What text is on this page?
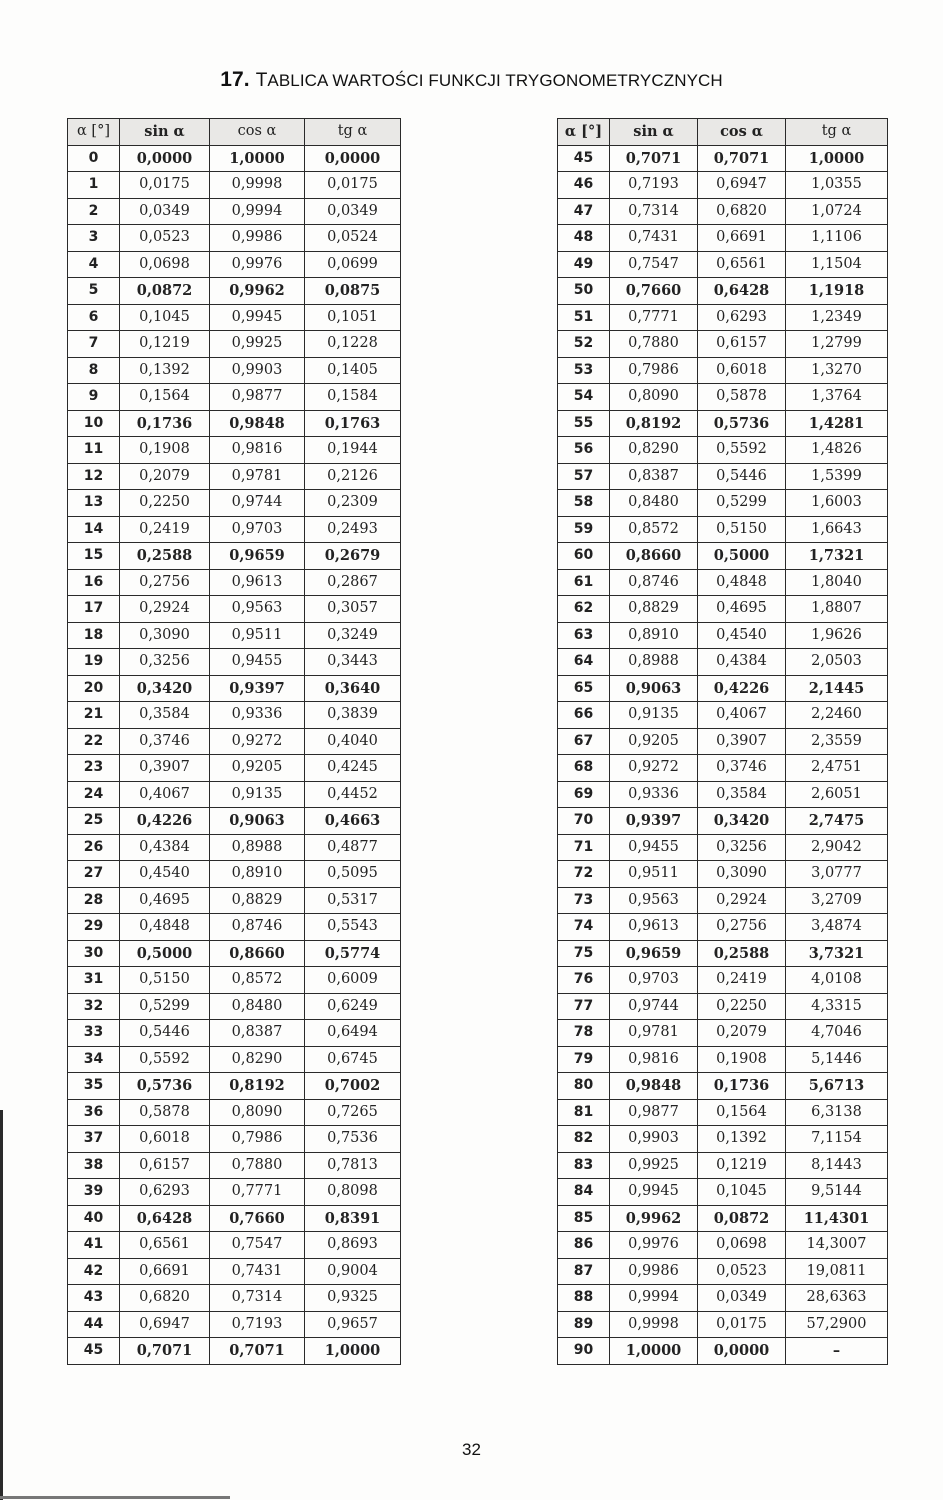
17. TABLICA WARTOŚCI FUNKCJI TRYGONOMETRYCZNYCH
α [°]	sin α	cos α	tg α
0	0,0000	1,0000	0,0000
1	0,0175	0,9998	0,0175
2	0,0349	0,9994	0,0349
3	0,0523	0,9986	0,0524
4	0,0698	0,9976	0,0699
5	0,0872	0,9962	0,0875
6	0,1045	0,9945	0,1051
7	0,1219	0,9925	0,1228
8	0,1392	0,9903	0,1405
9	0,1564	0,9877	0,1584
10	0,1736	0,9848	0,1763
11	0,1908	0,9816	0,1944
12	0,2079	0,9781	0,2126
13	0,2250	0,9744	0,2309
14	0,2419	0,9703	0,2493
15	0,2588	0,9659	0,2679
16	0,2756	0,9613	0,2867
17	0,2924	0,9563	0,3057
18	0,3090	0,9511	0,3249
19	0,3256	0,9455	0,3443
20	0,3420	0,9397	0,3640
21	0,3584	0,9336	0,3839
22	0,3746	0,9272	0,4040
23	0,3907	0,9205	0,4245
24	0,4067	0,9135	0,4452
25	0,4226	0,9063	0,4663
26	0,4384	0,8988	0,4877
27	0,4540	0,8910	0,5095
28	0,4695	0,8829	0,5317
29	0,4848	0,8746	0,5543
30	0,5000	0,8660	0,5774
31	0,5150	0,8572	0,6009
32	0,5299	0,8480	0,6249
33	0,5446	0,8387	0,6494
34	0,5592	0,8290	0,6745
35	0,5736	0,8192	0,7002
36	0,5878	0,8090	0,7265
37	0,6018	0,7986	0,7536
38	0,6157	0,7880	0,7813
39	0,6293	0,7771	0,8098
40	0,6428	0,7660	0,8391
41	0,6561	0,7547	0,8693
42	0,6691	0,7431	0,9004
43	0,6820	0,7314	0,9325
44	0,6947	0,7193	0,9657
45	0,7071	0,7071	1,0000
α [°]	sin α	cos α	tg α
45	0,7071	0,7071	1,0000
46	0,7193	0,6947	1,0355
47	0,7314	0,6820	1,0724
48	0,7431	0,6691	1,1106
49	0,7547	0,6561	1,1504
50	0,7660	0,6428	1,1918
51	0,7771	0,6293	1,2349
52	0,7880	0,6157	1,2799
53	0,7986	0,6018	1,3270
54	0,8090	0,5878	1,3764
55	0,8192	0,5736	1,4281
56	0,8290	0,5592	1,4826
57	0,8387	0,5446	1,5399
58	0,8480	0,5299	1,6003
59	0,8572	0,5150	1,6643
60	0,8660	0,5000	1,7321
61	0,8746	0,4848	1,8040
62	0,8829	0,4695	1,8807
63	0,8910	0,4540	1,9626
64	0,8988	0,4384	2,0503
65	0,9063	0,4226	2,1445
66	0,9135	0,4067	2,2460
67	0,9205	0,3907	2,3559
68	0,9272	0,3746	2,4751
69	0,9336	0,3584	2,6051
70	0,9397	0,3420	2,7475
71	0,9455	0,3256	2,9042
72	0,9511	0,3090	3,0777
73	0,9563	0,2924	3,2709
74	0,9613	0,2756	3,4874
75	0,9659	0,2588	3,7321
76	0,9703	0,2419	4,0108
77	0,9744	0,2250	4,3315
78	0,9781	0,2079	4,7046
79	0,9816	0,1908	5,1446
80	0,9848	0,1736	5,6713
81	0,9877	0,1564	6,3138
82	0,9903	0,1392	7,1154
83	0,9925	0,1219	8,1443
84	0,9945	0,1045	9,5144
85	0,9962	0,0872	11,4301
86	0,9976	0,0698	14,3007
87	0,9986	0,0523	19,0811
88	0,9994	0,0349	28,6363
89	0,9998	0,0175	57,2900
90	1,0000	0,0000	–
32
